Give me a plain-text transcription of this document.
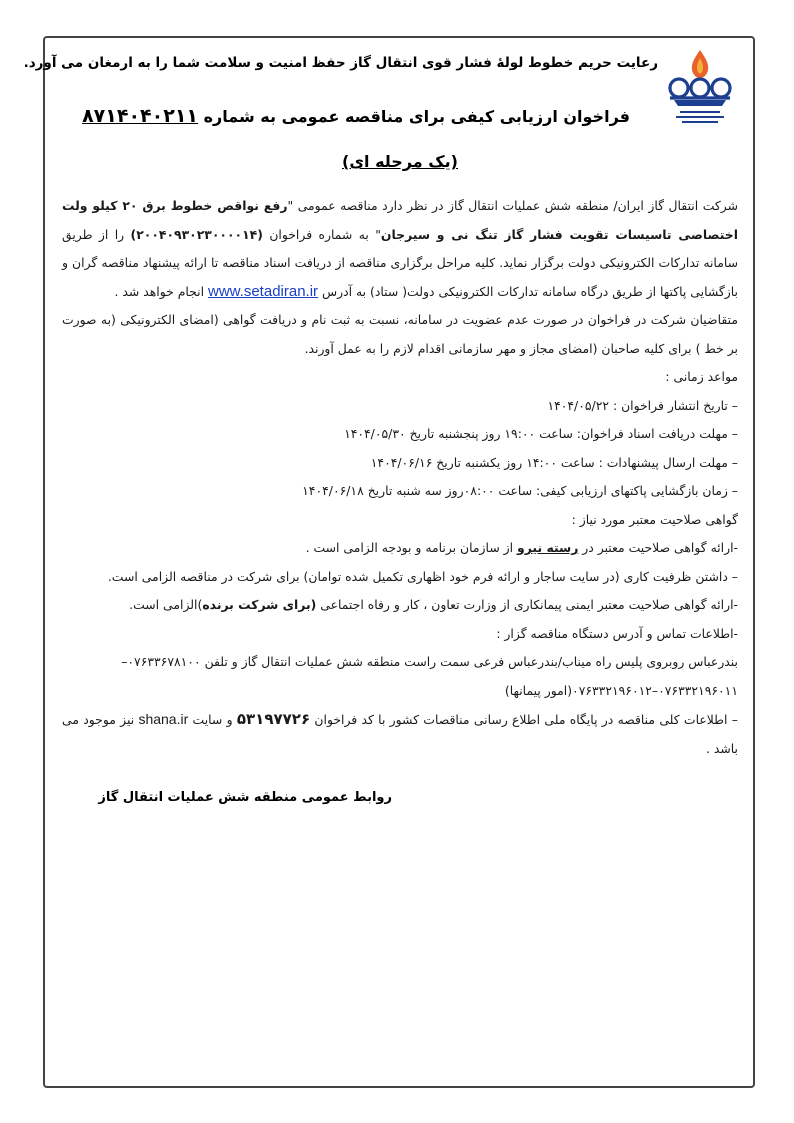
رعایت حریم خطوط لولهٔ فشار قوی انتقال گاز حفظ امنیت و سلامت شما را به ارمغان می آورد.
فراخوان ارزیابی کیفی برای مناقصه عمومی به شماره ۸۷۱۴۰۴۰۲۱۱
(یک مرحله ای)

شرکت انتقال گاز ایران/ منطقه شش عملیات انتقال گاز در نظر دارد مناقصه عمومی "رفع نواقص خطوط برق ۲۰ کیلو ولت اختصاصی تاسیسات تقویت فشار گاز تنگ نی و سیرجان" به شماره فراخوان (۲۰۰۴۰۹۳۰۲۳۰۰۰۰۱۴) را از طریق سامانه تدارکات الکترونیکی دولت برگزار نماید. کلیه مراحل برگزاری مناقصه از دریافت اسناد مناقصه تا ارائه پیشنهاد مناقصه گران و بازگشایی پاکتها از طریق درگاه سامانه تدارکات الکترونیکی دولت( ستاد) به آدرس www.setadiran.ir انجام خواهد شد .

متقاضیان شرکت در فراخوان در صورت عدم عضویت در سامانه، نسبت به ثبت نام و دریافت گواهی (امضای الکترونیکی (به صورت بر خط ) برای کلیه صاحبان (امضای مجاز و مهر سازمانی اقدام لازم را به عمل آورند.

مواعد زمانی :
– تاریخ انتشار فراخوان : ۱۴۰۴/۰۵/۲۲
– مهلت دریافت اسناد فراخوان: ساعت ۱۹:۰۰ روز پنجشنبه تاریخ ۱۴۰۴/۰۵/۳۰
– مهلت ارسال پیشنهادات : ساعت ۱۴:۰۰ روز یکشنبه تاریخ ۱۴۰۴/۰۶/۱۶
– زمان بازگشایی پاکتهای ارزیابی کیفی: ساعت ۰۸:۰۰روز سه شنبه تاریخ ۱۴۰۴/۰۶/۱۸
گواهی صلاحیت معتبر مورد نیاز :
-ارائه گواهی صلاحیت معتبر در رسته نیرو از سازمان برنامه و بودجه الزامی است .
– داشتن ظرفیت کاری (در سایت ساجار و ارائه فرم خود اظهاری تکمیل شده توامان) برای شرکت در مناقصه الزامی است.
-ارائه گواهی صلاحیت معتبر ایمنی پیمانکاری از وزارت تعاون ، کار و رفاه اجتماعی (برای شرکت برنده)الزامی است.
-اطلاعات تماس و آدرس دستگاه مناقصه گزار :
بندرعباس روبروی پلیس راه میناب/بندرعباس فرعی سمت راست منطقه شش عملیات انتقال گاز و تلفن ۰۷۶۳۳۶۷۸۱۰۰–
۰۷۶۳۳۲۱۹۶۰۱۱–۰۷۶۳۳۲۱۹۶۰۱۲(امور پیمانها)

– اطلاعات کلی مناقصه در پایگاه ملی اطلاع رسانی مناقصات کشور با کد فراخوان ۵۳۱۹۷۷۲۶ و سایت shana.ir نیز موجود می باشد .

روابط عمومی منطقه شش عملیات انتقال گاز
